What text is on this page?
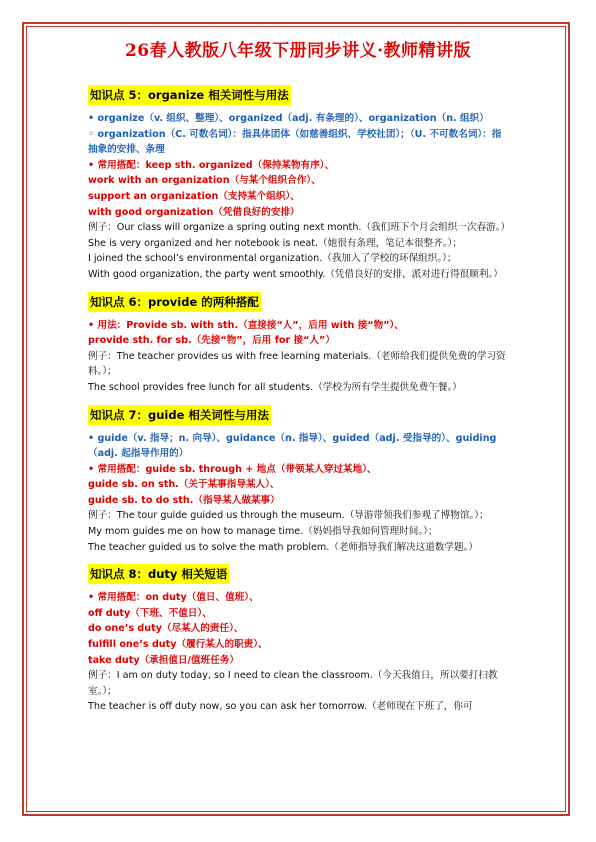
26春人教版八年级下册同步讲义·教师精讲版
知识点 5：organize 相关词性与用法
• organize（v. 组织、整理）、organized（adj. 有条理的）、organization（n. 组织）
◦ organization（C. 可数名词）：指具体团体（如慈善组织、学校社团）；（U. 不可数名词）：指抽象的安排、条理
• 常用搭配：keep sth. organized（保持某物有序）、
work with an organization（与某个组织合作）、
support an organization（支持某个组织）、
with good organization（凭借良好的安排）
例子：Our class will organize a spring outing next month.（我们班下个月会组织一次春游。）
She is very organized and her notebook is neat.（她很有条理，笔记本很整齐。）；
I joined the school’s environmental organization.（我加入了学校的环保组织。）；
With good organization, the party went smoothly.（凭借良好的安排，派对进行得很顺利。）
知识点 6：provide 的两种搭配
• 用法：Provide sb. with sth.（直接接“人”，后用 with 接“物”）、
provide sth. for sb.（先接“物”，后用 for 接“人”）
例子：The teacher provides us with free learning materials.（老师给我们提供免费的学习资料。）；
The school provides free lunch for all students.（学校为所有学生提供免费午餐。）
知识点 7：guide 相关词性与用法
• guide（v. 指导；n. 向导）、guidance（n. 指导）、guided（adj. 受指导的）、guiding（adj. 起指导作用的）
• 常用搭配：guide sb. through + 地点（带领某人穿过某地）、
guide sb. on sth.（关于某事指导某人）、
guide sb. to do sth.（指导某人做某事）
例子：The tour guide guided us through the museum.（导游带领我们参观了博物馆。）；
My mom guides me on how to manage time.（妈妈指导我如何管理时间。）；
The teacher guided us to solve the math problem.（老师指导我们解决这道数学题。）
知识点 8：duty 相关短语
• 常用搭配：on duty（值日、值班）、
off duty（下班、不值日）、
do one’s duty（尽某人的责任）、
fulfill one’s duty（履行某人的职责）、
take duty（承担值日/值班任务）
例子：I am on duty today, so I need to clean the classroom.（今天我值日，所以要打扫教室。）；
The teacher is off duty now, so you can ask her tomorrow.（老师现在下班了，你可
